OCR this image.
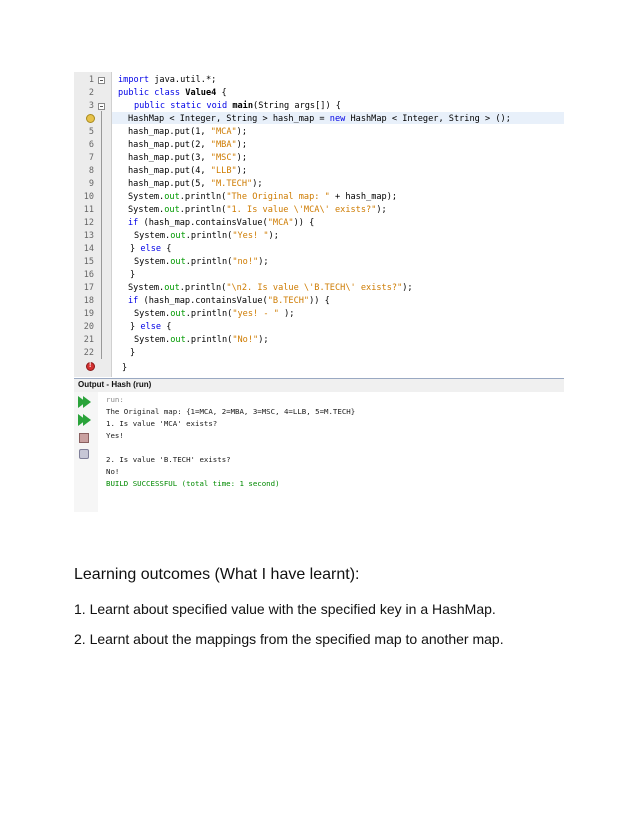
1
2
3
5
6
7
8
9
10
11
12
13
14
15
16
17
18
19
20
21
22
!
import java.util.*;
public class Value4 {
public static void main(String args[]) {
HashMap < Integer, String > hash_map = new HashMap < Integer, String > ();
hash_map.put(1, "MCA");
hash_map.put(2, "MBA");
hash_map.put(3, "MSC");
hash_map.put(4, "LLB");
hash_map.put(5, "M.TECH");
System.out.println("The Original map: " + hash_map);
System.out.println("1. Is value \'MCA\' exists?");
if (hash_map.containsValue("MCA")) {
System.out.println("Yes! ");
} else {
System.out.println("no!");
}
System.out.println("\n2. Is value \'B.TECH\' exists?");
if (hash_map.containsValue("B.TECH")) {
System.out.println("yes! - " );
} else {
System.out.println("No!");
}
}
Output - Hash (run)
run:
The Original map: {1=MCA, 2=MBA, 3=MSC, 4=LLB, 5=M.TECH}
1. Is value 'MCA' exists?
Yes!
2. Is value 'B.TECH' exists?
No!
BUILD SUCCESSFUL (total time: 1 second)
Learning outcomes (What I have learnt):
1. Learnt about specified value with the specified key in a HashMap.
2. Learnt about the mappings from the specified map to another map.
